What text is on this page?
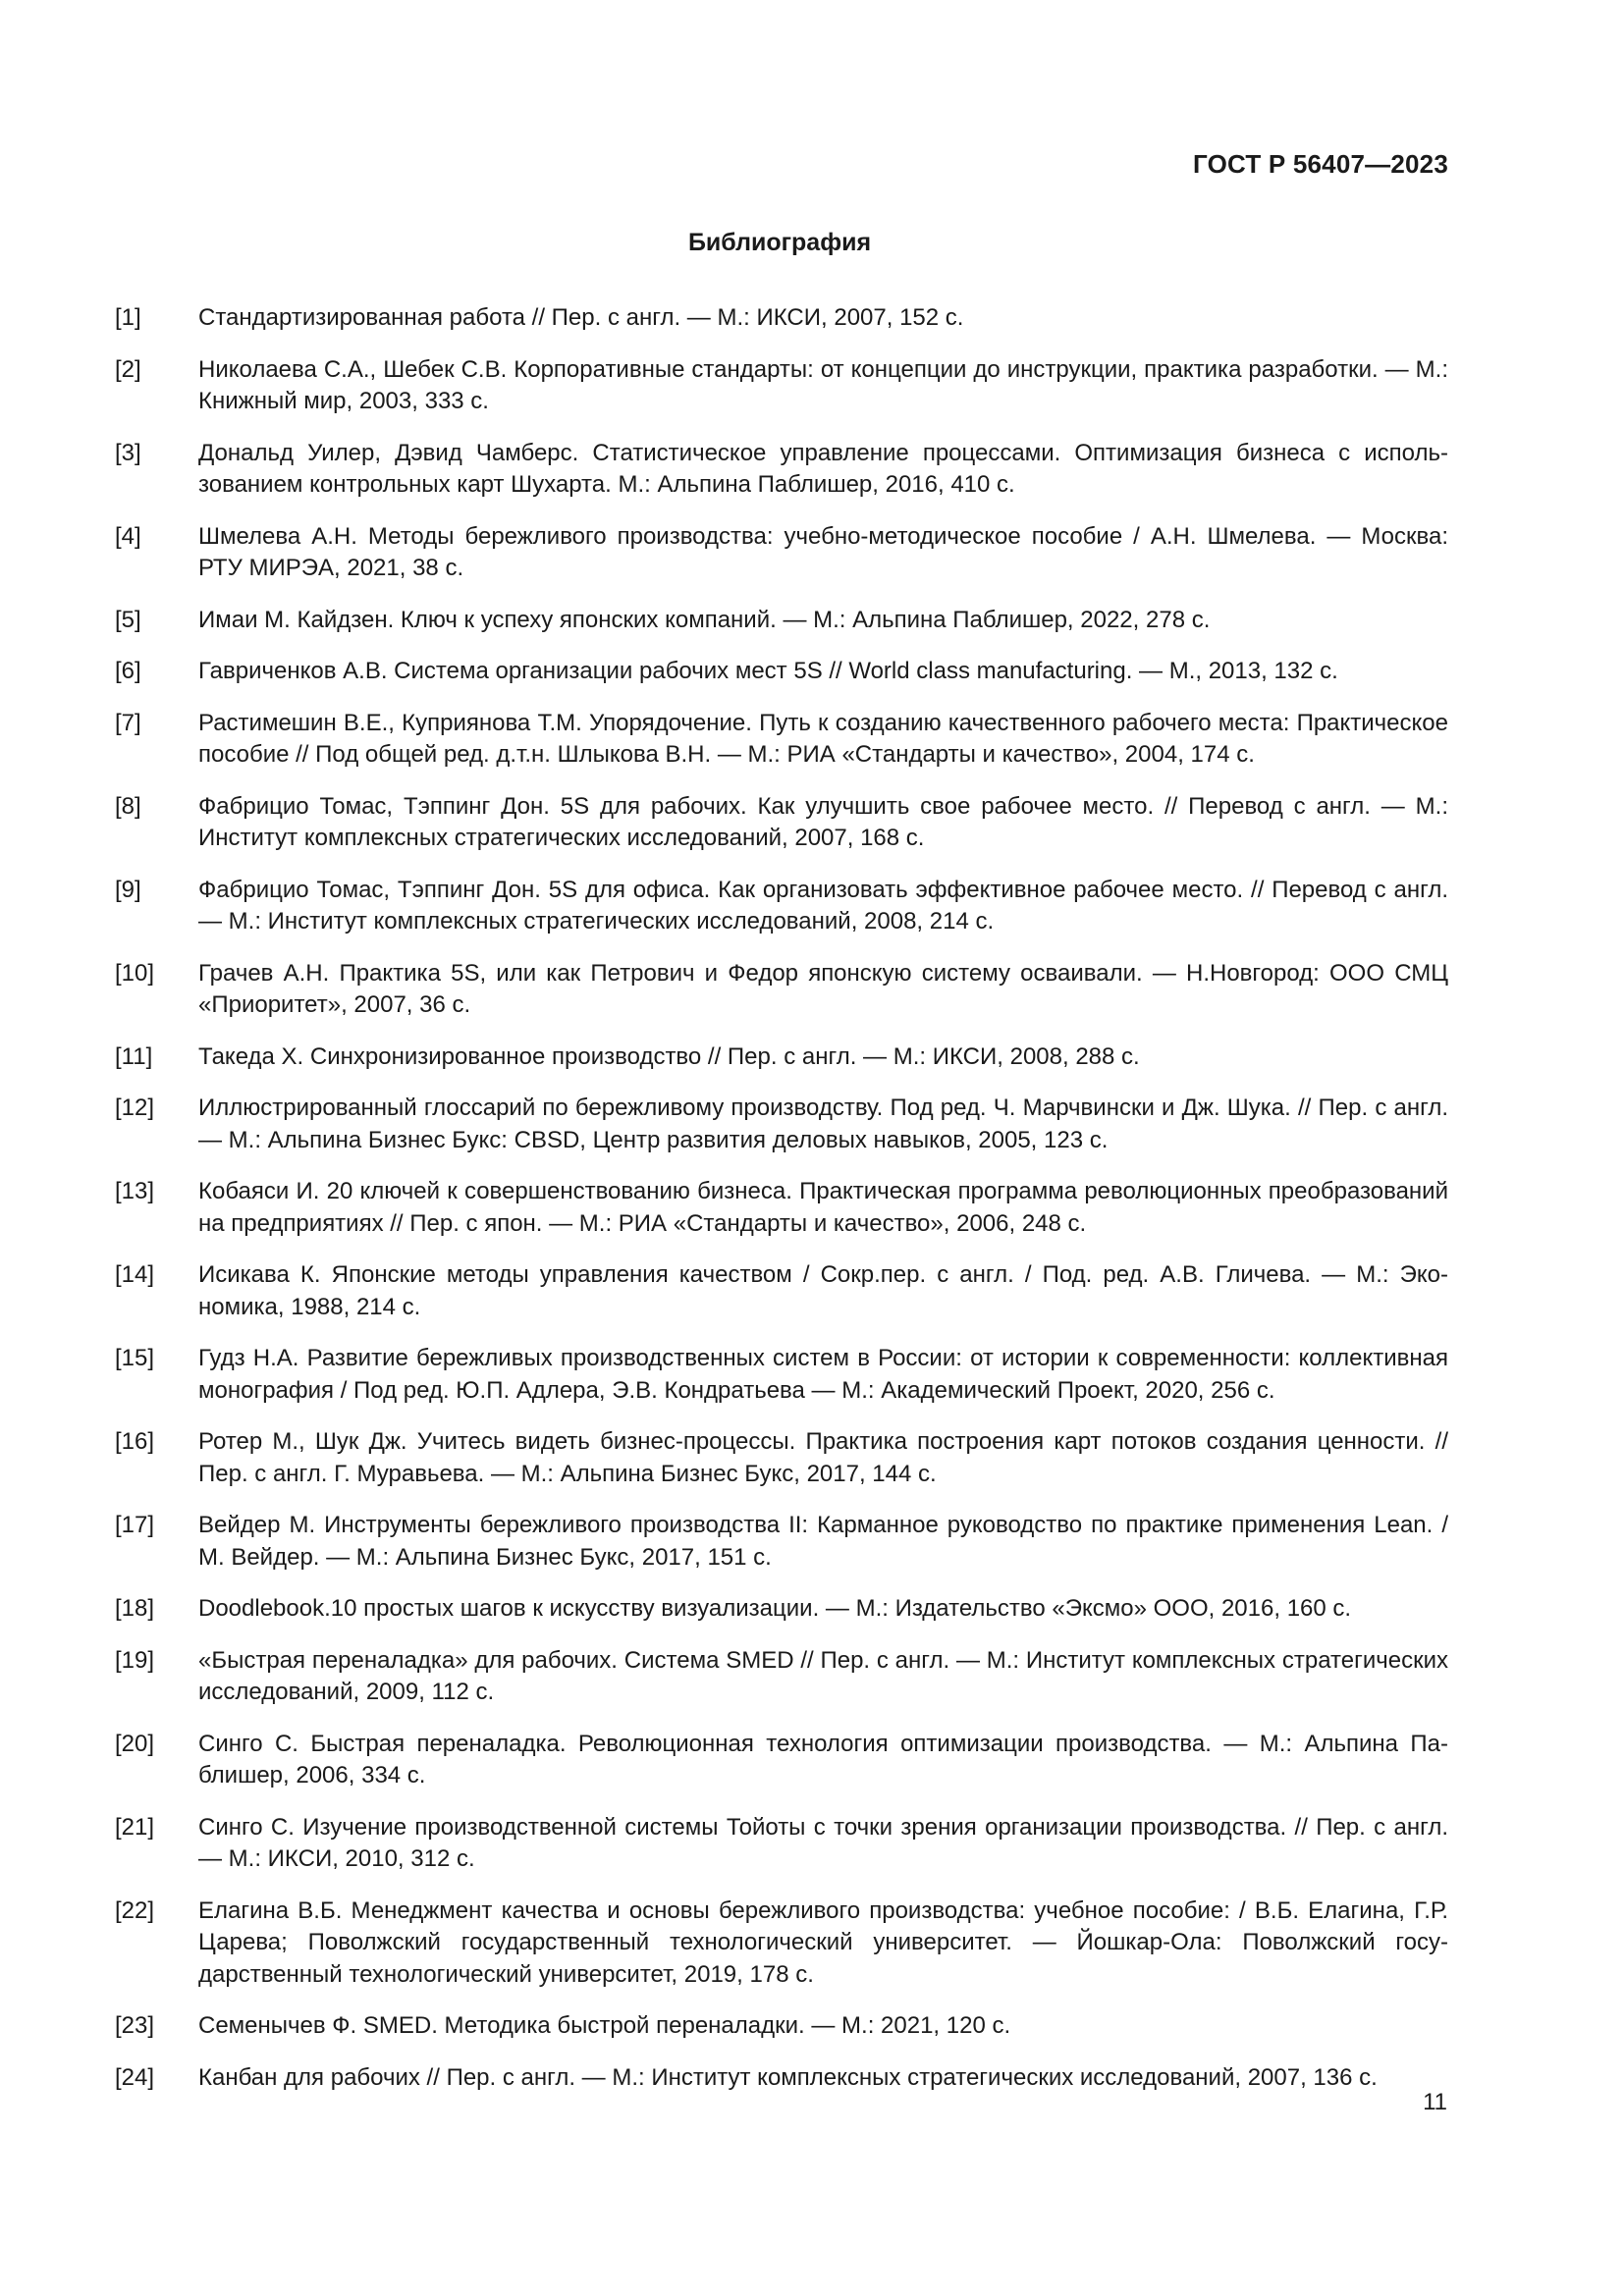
ГОСТ Р 56407—2023

Библиография
[1]	Стандартизированная работа // Пер. с англ. — М.: ИКСИ, 2007, 152 с.
[2]	Николаева С.А., Шебек С.В. Корпоративные стандарты: от концепции до инструкции, практика разработки. — М.: Книжный мир, 2003, 333 с.
[3]	Дональд Уилер, Дэвид Чамберс. Статистическое управление процессами. Оптимизация бизнеса с использованием контрольных карт Шухарта. М.: Альпина Паблишер, 2016, 410 с.
[4]	Шмелева А.Н. Методы бережливого производства: учебно-методическое пособие / А.Н. Шмелева. — Москва: РТУ МИРЭА, 2021, 38 с.
[5]	Имаи М. Кайдзен. Ключ к успеху японских компаний. — М.: Альпина Паблишер, 2022, 278 с.
[6]	Гавриченков А.В. Система организации рабочих мест 5S // World class manufacturing. — М., 2013, 132 с.
[7]	Растимешин В.Е., Куприянова Т.М. Упорядочение. Путь к созданию качественного рабочего места: Практическое пособие // Под общей ред. д.т.н. Шлыкова В.Н. — М.: РИА «Стандарты и качество», 2004, 174 с.
[8]	Фабрицио Томас, Тэппинг Дон. 5S для рабочих. Как улучшить свое рабочее место. // Перевод с англ. — М.: Институт комплексных стратегических исследований, 2007, 168 с.
[9]	Фабрицио Томас, Тэппинг Дон. 5S для офиса. Как организовать эффективное рабочее место. // Перевод с англ. — М.: Институт комплексных стратегических исследований, 2008, 214 с.
[10]	Грачев А.Н. Практика 5S, или как Петрович и Федор японскую систему осваивали. — Н.Новгород: ООО СМЦ «Приоритет», 2007, 36 с.
[11]	Такеда Х. Синхронизированное производство // Пер. с англ. — М.: ИКСИ, 2008, 288 с.
[12]	Иллюстрированный глоссарий по бережливому производству. Под ред. Ч. Марчвински и Дж. Шука. // Пер. с англ. — М.: Альпина Бизнес Букс: CBSD, Центр развития деловых навыков, 2005, 123 с.
[13]	Кобаяси И. 20 ключей к совершенствованию бизнеса. Практическая программа революционных преобразований на предприятиях // Пер. с япон. — М.: РИА «Стандарты и качество», 2006, 248 с.
[14]	Исикава К. Японские методы управления качеством / Сокр.пер. с англ. / Под. ред. А.В. Гличева. — М.: Экономика, 1988, 214 с.
[15]	Гудз Н.А. Развитие бережливых производственных систем в России: от истории к современности: коллективная монография / Под ред. Ю.П. Адлера, Э.В. Кондратьева — М.: Академический Проект, 2020, 256 с.
[16]	Ротер М., Шук Дж. Учитесь видеть бизнес-процессы. Практика построения карт потоков создания ценности. // Пер. с англ. Г. Муравьева. — М.: Альпина Бизнес Букс, 2017, 144 с.
[17]	Вейдер М. Инструменты бережливого производства II: Карманное руководство по практике применения Lean. / М. Вейдер. — М.: Альпина Бизнес Букс, 2017, 151 с.
[18]	Doodlebook.10 простых шагов к искусству визуализации. — М.: Издательство «Эксмо» ООО, 2016, 160 с.
[19]	«Быстрая переналадка» для рабочих. Система SMED // Пер. с англ. — М.: Институт комплексных стратегических исследований, 2009, 112 с.
[20]	Синго С. Быстрая переналадка. Революционная технология оптимизации производства. — М.: Альпина Паблишер, 2006, 334 с.
[21]	Синго С. Изучение производственной системы Тойоты с точки зрения организации производства. // Пер. с англ. — М.: ИКСИ, 2010, 312 с.
[22]	Елагина В.Б. Менеджмент качества и основы бережливого производства: учебное пособие: / В.Б. Елагина, Г.Р. Царева; Поволжский государственный технологический университет. — Йошкар-Ола: Поволжский государственный технологический университет, 2019, 178 с.
[23]	Семенычев Ф. SMED. Методика быстрой переналадки. — М.: 2021, 120 с.
[24]	Канбан для рабочих // Пер. с англ. — М.: Институт комплексных стратегических исследований, 2007, 136 с.

11
